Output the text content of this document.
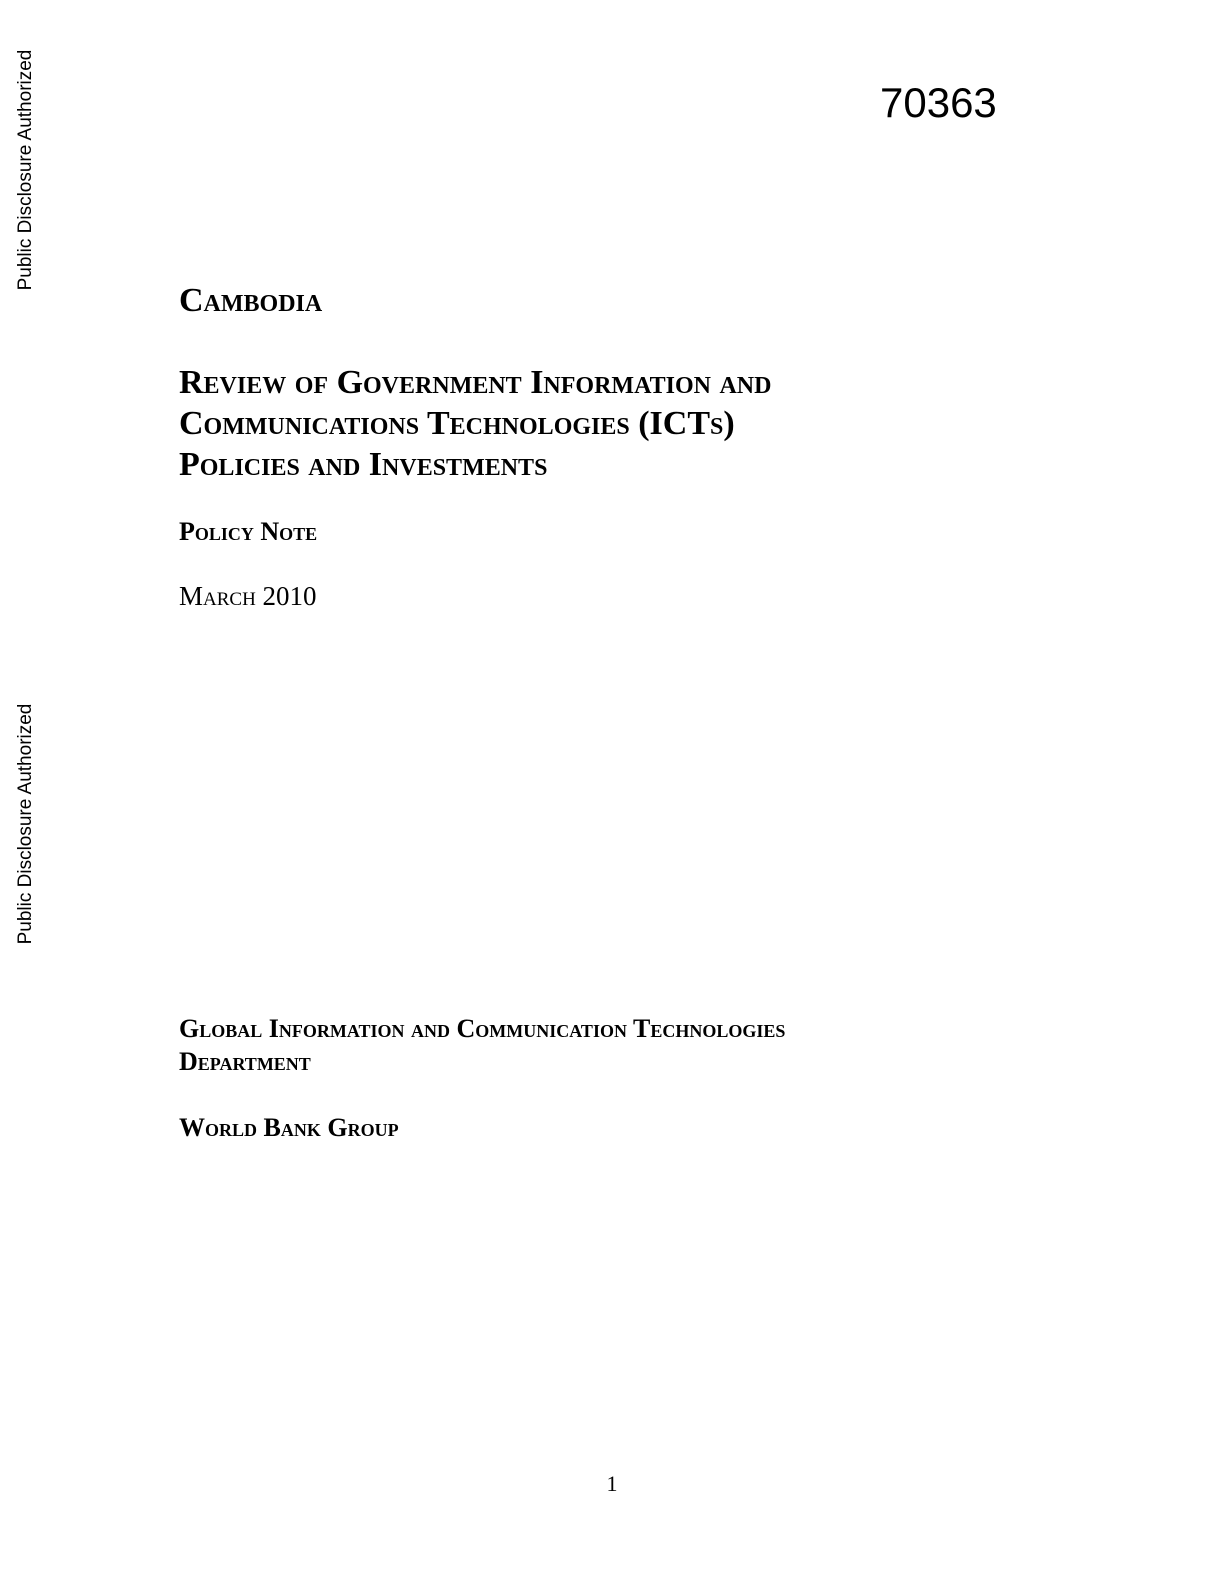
Public Disclosure Authorized
Public Disclosure Authorized
70363
Cambodia
Review of Government Information and
Communications Technologies (ICTs)
Policies and Investments
Policy Note
March 2010
Global Information and Communication Technologies
Department
World Bank Group
1
